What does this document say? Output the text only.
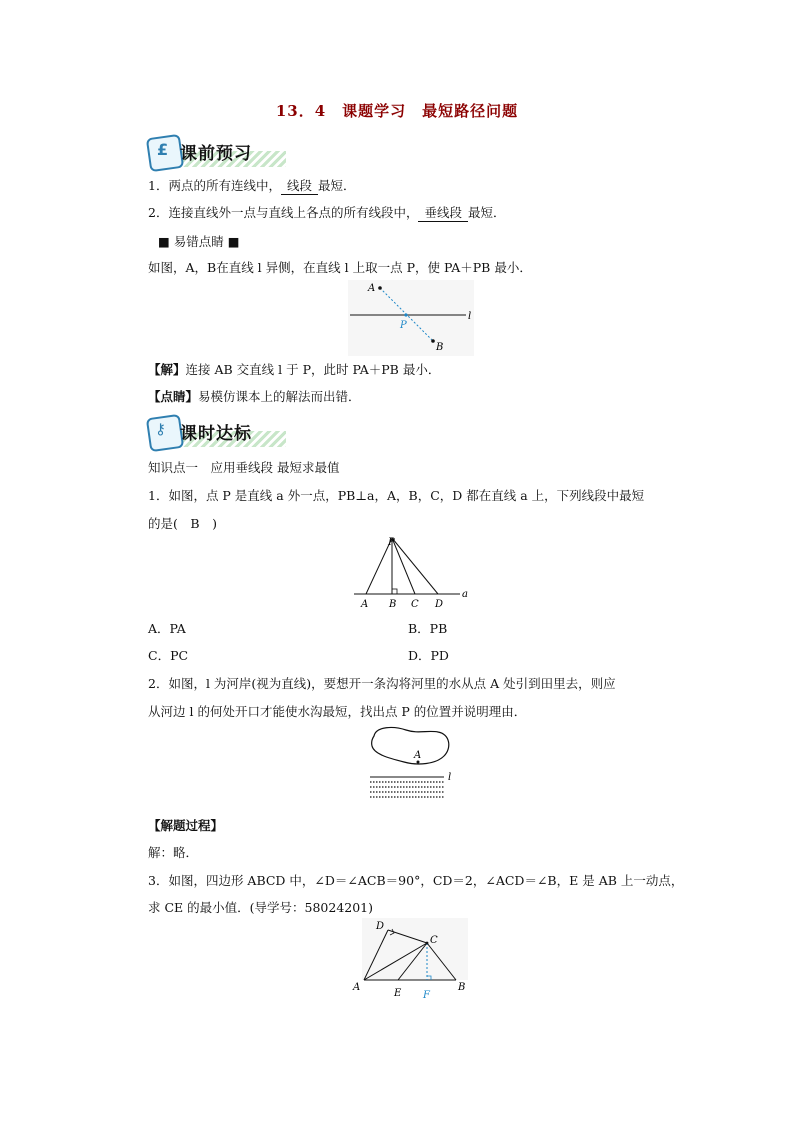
13．4　课题学习　最短路径问题
£ 课前预习
1．两点的所有连线中， 线段 最短．
2．连接直线外一点与直线上各点的所有线段中， 垂线段 最短．
■ 易错点睛 ■
如图，A，B在直线 l 异侧，在直线 l 上取一点 P，使 PA＋PB 最小．
A
B
P
l
【解】连接 AB 交直线 l 于 P，此时 PA＋PB 最小．
【点睛】易模仿课本上的解法而出错．
⚷ 课时达标
知识点一　应用垂线段 最短求最值
1．如图，点 P 是直线 a 外一点，PB⊥a，A，B，C，D 都在直线 a 上，下列线段中最短
的是(　B　)
P
A B C D
a
A．PA	B．PB
C．PC	D．PD
2．如图，l 为河岸(视为直线)，要想开一条沟将河里的水从点 A 处引到田里去，则应
从河边 l 的何处开口才能使水沟最短，找出点 P 的位置并说明理由．
A
l
【解题过程】
解：略．
3．如图，四边形 ABCD 中，∠D＝∠ACB＝90°，CD＝2，∠ACD＝∠B，E 是 AB 上一动点，
求 CE 的最小值．(导学号：58024201)
A	B
C
D
E F
